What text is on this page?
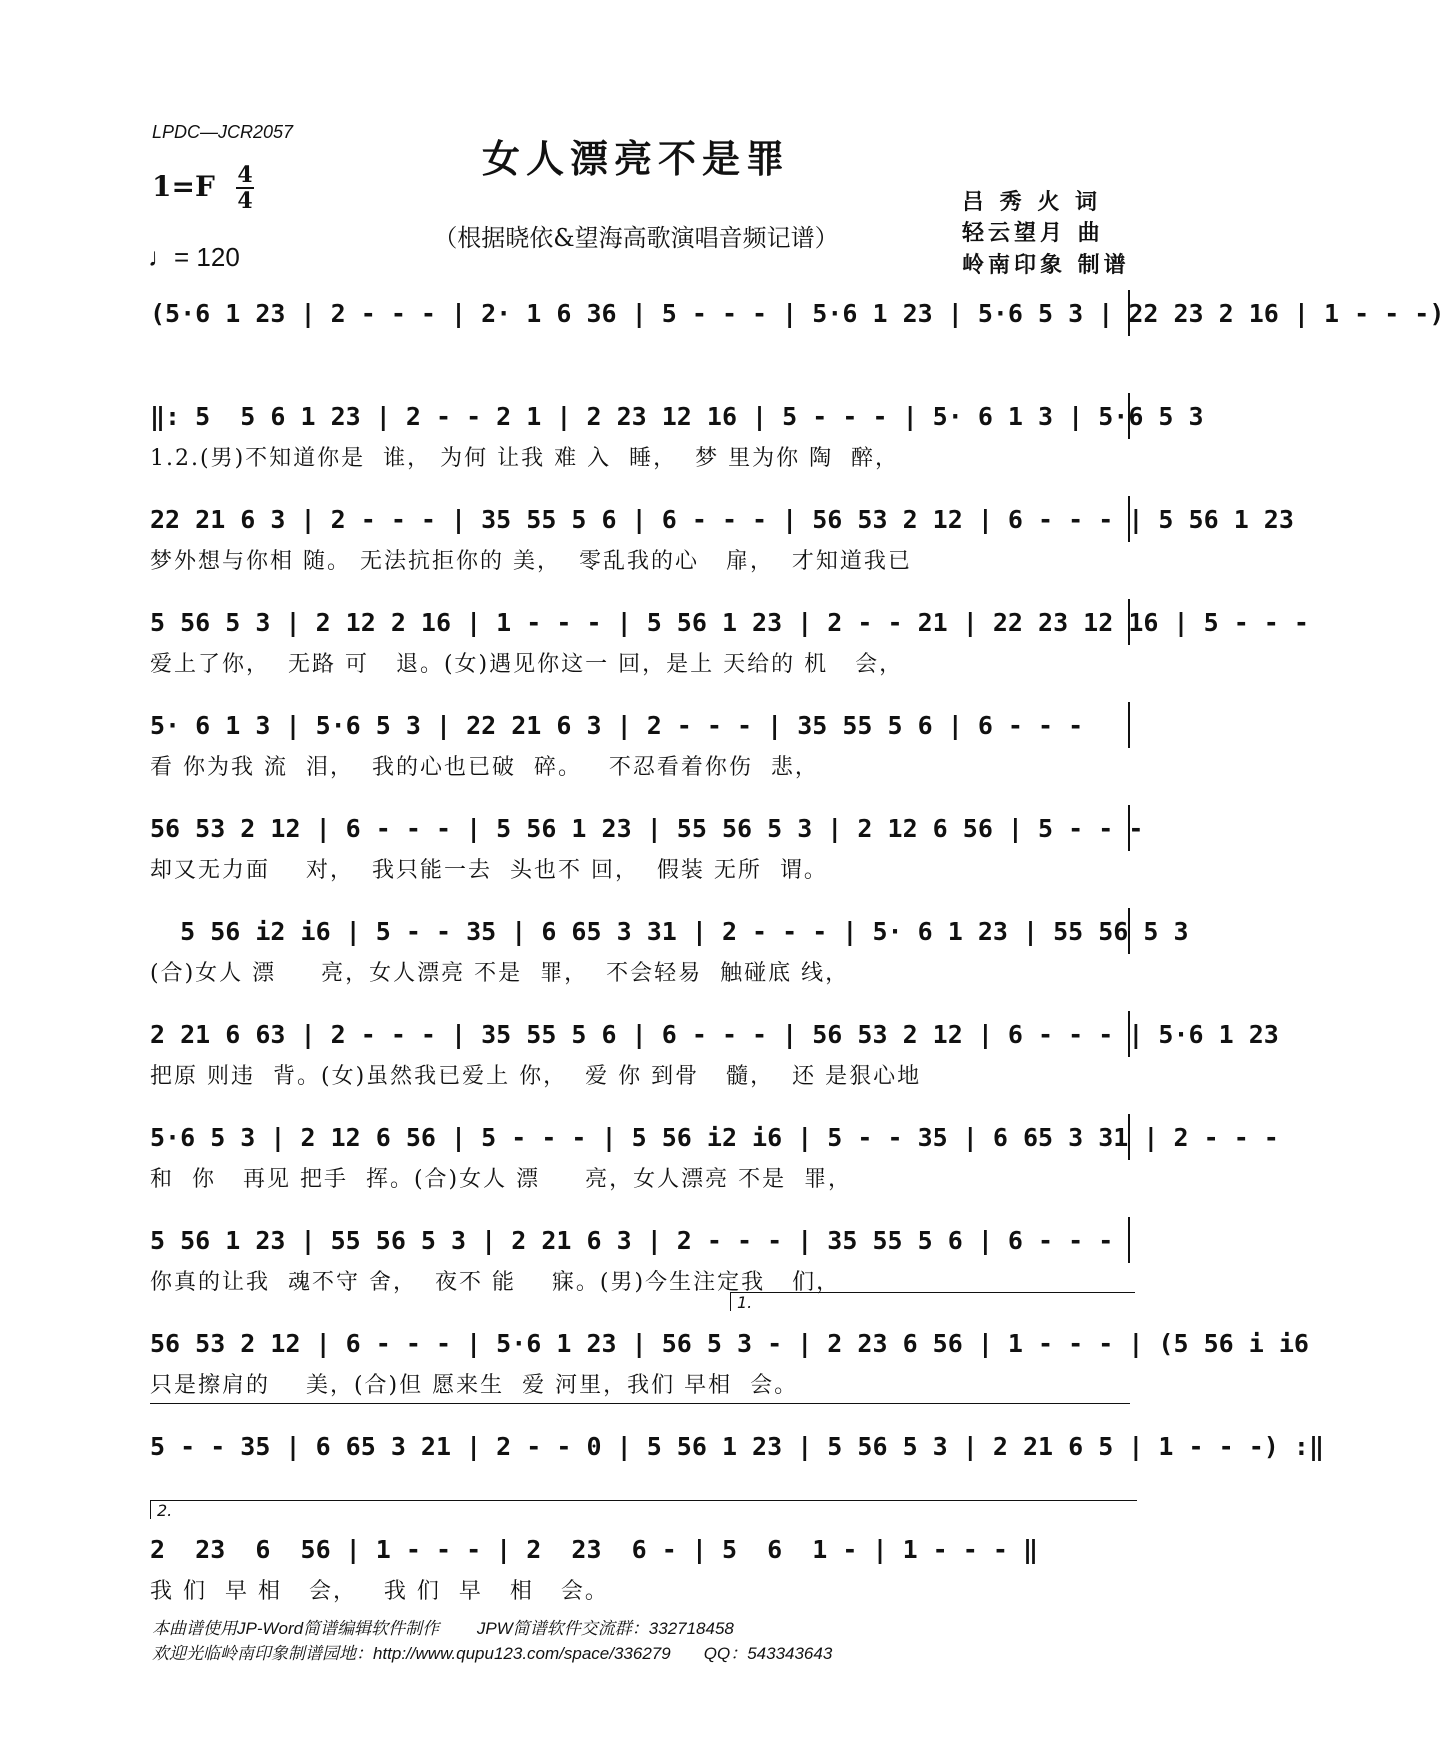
LPDC—JCR2057
女人漂亮不是罪
1=F 4
4
♩= 120
（根据晓依&望海高歌演唱音频记谱）
吕 秀 火 词
轻云望月 曲
岭南印象 制谱
(5·6 1 23 | 2 - - - | 2· 1 6 36 | 5 - - - | 5·6 1 23 | 5·6 5 3 | 22 23 2 16 | 1 - - -)
‖: 5  5 6 1 23 | 2 - - 2 1 | 2 23 12 16 | 5 - - - | 5· 6 1 3 | 5·6 5 3
1.2.(男)不知道你是  谁， 为何 让我 难 入  睡，  梦 里为你 陶  醉，
22 21 6 3 | 2 - - - | 35 55 5 6 | 6 - - - | 56 53 2 12 | 6 - - - | 5 56 1 23
梦外想与你相 随。 无法抗拒你的 美，  零乱我的心   扉，  才知道我已
5 56 5 3 | 2 12 2 16 | 1 - - - | 5 56 1 23 | 2 - - 21 | 22 23 12 16 | 5 - - -
爱上了你，  无路 可   退。(女)遇见你这一 回，是上 天给的 机   会，
5· 6 1 3 | 5·6 5 3 | 22 21 6 3 | 2 - - - | 35 55 5 6 | 6 - - -
看 你为我 流  泪，  我的心也已破  碎。   不忍看着你伤  悲，
56 53 2 12 | 6 - - - | 5 56 1 23 | 55 56 5 3 | 2 12 6 56 | 5 - - -
却又无力面    对，  我只能一去  头也不 回，  假装 无所  谓。
5 56 i2 i6 | 5 - - 35 | 6 65 3 31 | 2 - - - | 5· 6 1 23 | 55 56 5 3
(合)女人 漂     亮，女人漂亮 不是  罪，  不会轻易  触碰底 线，
2 21 6 63 | 2 - - - | 35 55 5 6 | 6 - - - | 56 53 2 12 | 6 - - - | 5·6 1 23
把原 则违  背。(女)虽然我已爱上 你，  爱 你 到骨   髓，  还 是狠心地
5·6 5 3 | 2 12 6 56 | 5 - - - | 5 56 i2 i6 | 5 - - 35 | 6 65 3 31 | 2 - - -
和  你   再见 把手  挥。(合)女人 漂     亮，女人漂亮 不是  罪，
5 56 1 23 | 55 56 5 3 | 2 21 6 3 | 2 - - - | 35 55 5 6 | 6 - - -
你真的让我  魂不守 舍，  夜不 能    寐。(男)今生注定我   们，
56 53 2 12 | 6 - - - | 5·6 1 23 | 56 5 3 - | 2 23 6 56 | 1 - - - | (5 56 i i6
只是擦肩的    美，(合)但 愿来生  爱 河里，我们 早相  会。
5 - - 35 | 6 65 3 21 | 2 - - 0 | 5 56 1 23 | 5 56 5 3 | 2 21 6 5 | 1 - - -) :‖
2  23  6  56 | 1 - - - | 2  23  6 - | 5  6  1 - | 1 - - - ‖
我 们  早 相   会，   我 们  早   相   会。
1.
2.
本曲谱使用JP-Word简谱编辑软件制作        JPW简谱软件交流群：332718458
欢迎光临岭南印象制谱园地：http://www.qupu123.com/space/336279       QQ：543343643
